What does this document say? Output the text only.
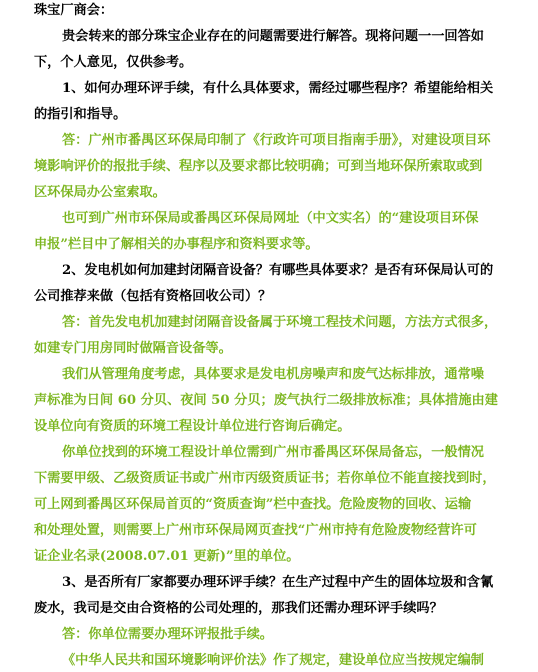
珠宝厂商会：
贵会转来的部分珠宝企业存在的问题需要进行解答。现将问题一一回答如
下，个人意见，仅供参考。
1、如何办理环评手续，有什么具体要求，需经过哪些程序？希望能给相关
的指引和指导。
答：广州市番禺区环保局印制了《行政许可项目指南手册》，对建设项目环
境影响评价的报批手续、程序以及要求都比较明确；可到当地环保所索取或到
区环保局办公室索取。
也可到广州市环保局或番禺区环保局网址（中文实名）的“建设项目环保
申报”栏目中了解相关的办事程序和资料要求等。
2、发电机如何加建封闭隔音设备？有哪些具体要求？是否有环保局认可的
公司推荐来做（包括有资格回收公司）？
答：首先发电机加建封闭隔音设备属于环境工程技术问题，方法方式很多，
如建专门用房同时做隔音设备等。
我们从管理角度考虑，具体要求是发电机房噪声和废气达标排放，通常噪
声标准为日间 60 分贝、夜间 50 分贝；废气执行二级排放标准；具体措施由建
设单位向有资质的环境工程设计单位进行咨询后确定。
你单位找到的环境工程设计单位需到广州市番禺区环保局备忘，一般情况
下需要甲级、乙级资质证书或广州市丙级资质证书；若你单位不能直接找到时，
可上网到番禺区环保局首页的“资质查询”栏中查找。危险废物的回收、运输
和处理处置，则需要上广州市环保局网页查找“广州市持有危险废物经营许可
证企业名录(2008.07.01 更新)”里的单位。
3、是否所有厂家都要办理环评手续？在生产过程中产生的固体垃圾和含氰
废水，我司是交由合资格的公司处理的，那我们还需办理环评手续吗？
答：你单位需要办理环评报批手续。
《中华人民共和国环境影响评价法》作了规定，建设单位应当按规定编制
